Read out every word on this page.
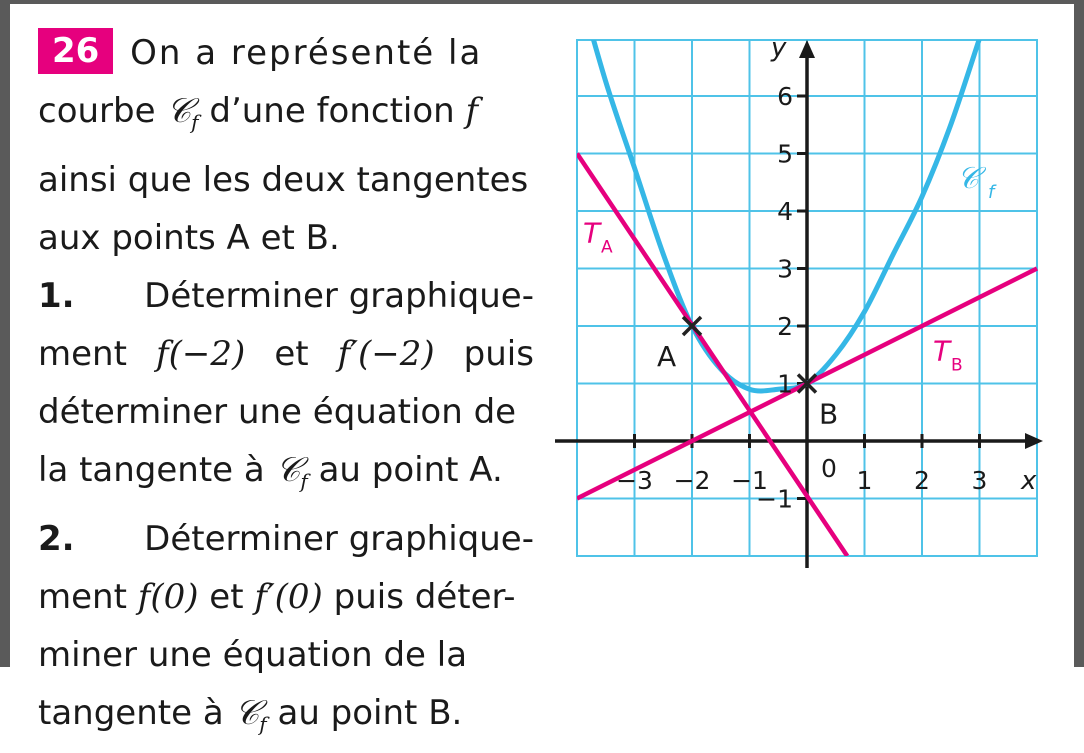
26 On a représenté la
courbe 𝒞$_f$ d’une fonction f
ainsi que les deux tangentes
aux points A et B.
1. Déterminer graphique-
ment f(−2) et f′(−2) puis
déterminer une équation de
la tangente à 𝒞$_f$ au point A.
2. Déterminer graphique-
ment f(0) et f′(0) puis déter-
miner une équation de la
tangente à 𝒞$_f$ au point B.
−3 −2 −1	1 2 3
−1
1
2
3
4
5
6
0	x
y
A
B
𝒞 f
T A
T B
